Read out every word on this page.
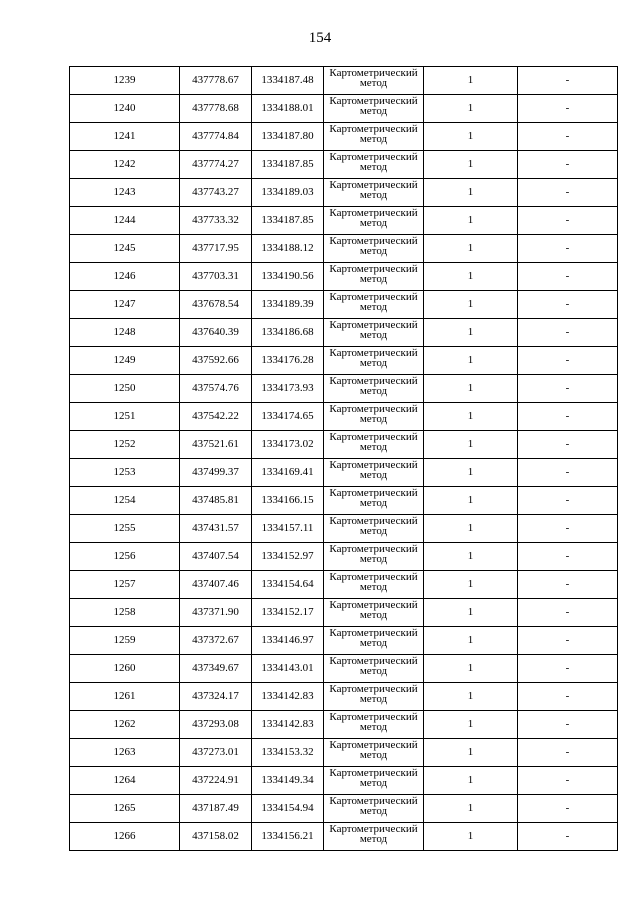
154
1239	437778.67	1334187.48	Картометрический метод	1	-
1240	437778.68	1334188.01	Картометрический метод	1	-
1241	437774.84	1334187.80	Картометрический метод	1	-
1242	437774.27	1334187.85	Картометрический метод	1	-
1243	437743.27	1334189.03	Картометрический метод	1	-
1244	437733.32	1334187.85	Картометрический метод	1	-
1245	437717.95	1334188.12	Картометрический метод	1	-
1246	437703.31	1334190.56	Картометрический метод	1	-
1247	437678.54	1334189.39	Картометрический метод	1	-
1248	437640.39	1334186.68	Картометрический метод	1	-
1249	437592.66	1334176.28	Картометрический метод	1	-
1250	437574.76	1334173.93	Картометрический метод	1	-
1251	437542.22	1334174.65	Картометрический метод	1	-
1252	437521.61	1334173.02	Картометрический метод	1	-
1253	437499.37	1334169.41	Картометрический метод	1	-
1254	437485.81	1334166.15	Картометрический метод	1	-
1255	437431.57	1334157.11	Картометрический метод	1	-
1256	437407.54	1334152.97	Картометрический метод	1	-
1257	437407.46	1334154.64	Картометрический метод	1	-
1258	437371.90	1334152.17	Картометрический метод	1	-
1259	437372.67	1334146.97	Картометрический метод	1	-
1260	437349.67	1334143.01	Картометрический метод	1	-
1261	437324.17	1334142.83	Картометрический метод	1	-
1262	437293.08	1334142.83	Картометрический метод	1	-
1263	437273.01	1334153.32	Картометрический метод	1	-
1264	437224.91	1334149.34	Картометрический метод	1	-
1265	437187.49	1334154.94	Картометрический метод	1	-
1266	437158.02	1334156.21	Картометрический метод	1	-
